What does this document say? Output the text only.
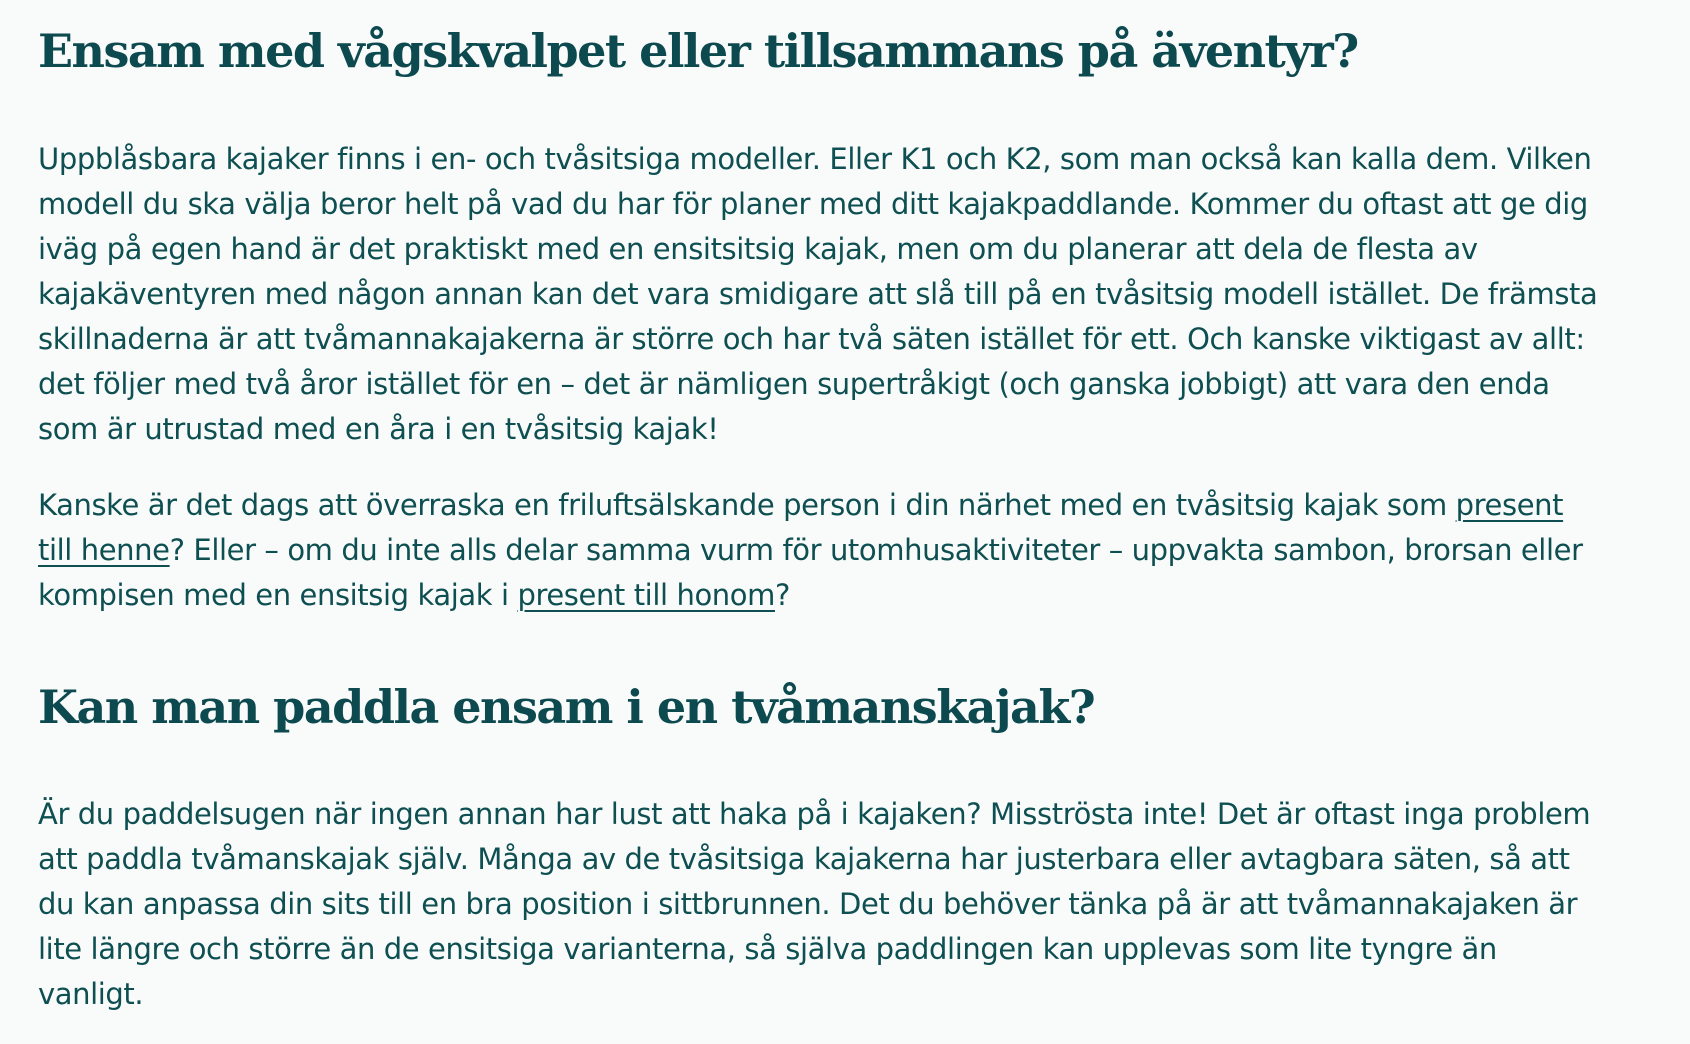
Ensam med vågskvalpet eller tillsammans på äventyr?

Uppblåsbara kajaker finns i en- och tvåsitsiga modeller. Eller K1 och K2, som man också kan kalla dem. Vilken modell du ska välja beror helt på vad du har för planer med ditt kajakpaddlande. Kommer du oftast att ge dig iväg på egen hand är det praktiskt med en ensitsitsig kajak, men om du planerar att dela de flesta av kajakäventyren med någon annan kan det vara smidigare att slå till på en tvåsitsig modell istället. De främsta skillnaderna är att tvåmannakajakerna är större och har två säten istället för ett. Och kanske viktigast av allt: det följer med två åror istället för en – det är nämligen supertråkigt (och ganska jobbigt) att vara den enda som är utrustad med en åra i en tvåsitsig kajak!

Kanske är det dags att överraska en friluftsälskande person i din närhet med en tvåsitsig kajak som present till henne? Eller – om du inte alls delar samma vurm för utomhusaktiviteter – uppvakta sambon, brorsan eller kompisen med en ensitsig kajak i present till honom?

Kan man paddla ensam i en tvåmanskajak?

Är du paddelsugen när ingen annan har lust att haka på i kajaken? Misströsta inte! Det är oftast inga problem att paddla tvåmanskajak själv. Många av de tvåsitsiga kajakerna har justerbara eller avtagbara säten, så att du kan anpassa din sits till en bra position i sittbrunnen. Det du behöver tänka på är att tvåmannakajaken är lite längre och större än de ensitsiga varianterna, så själva paddlingen kan upplevas som lite tyngre än vanligt.
